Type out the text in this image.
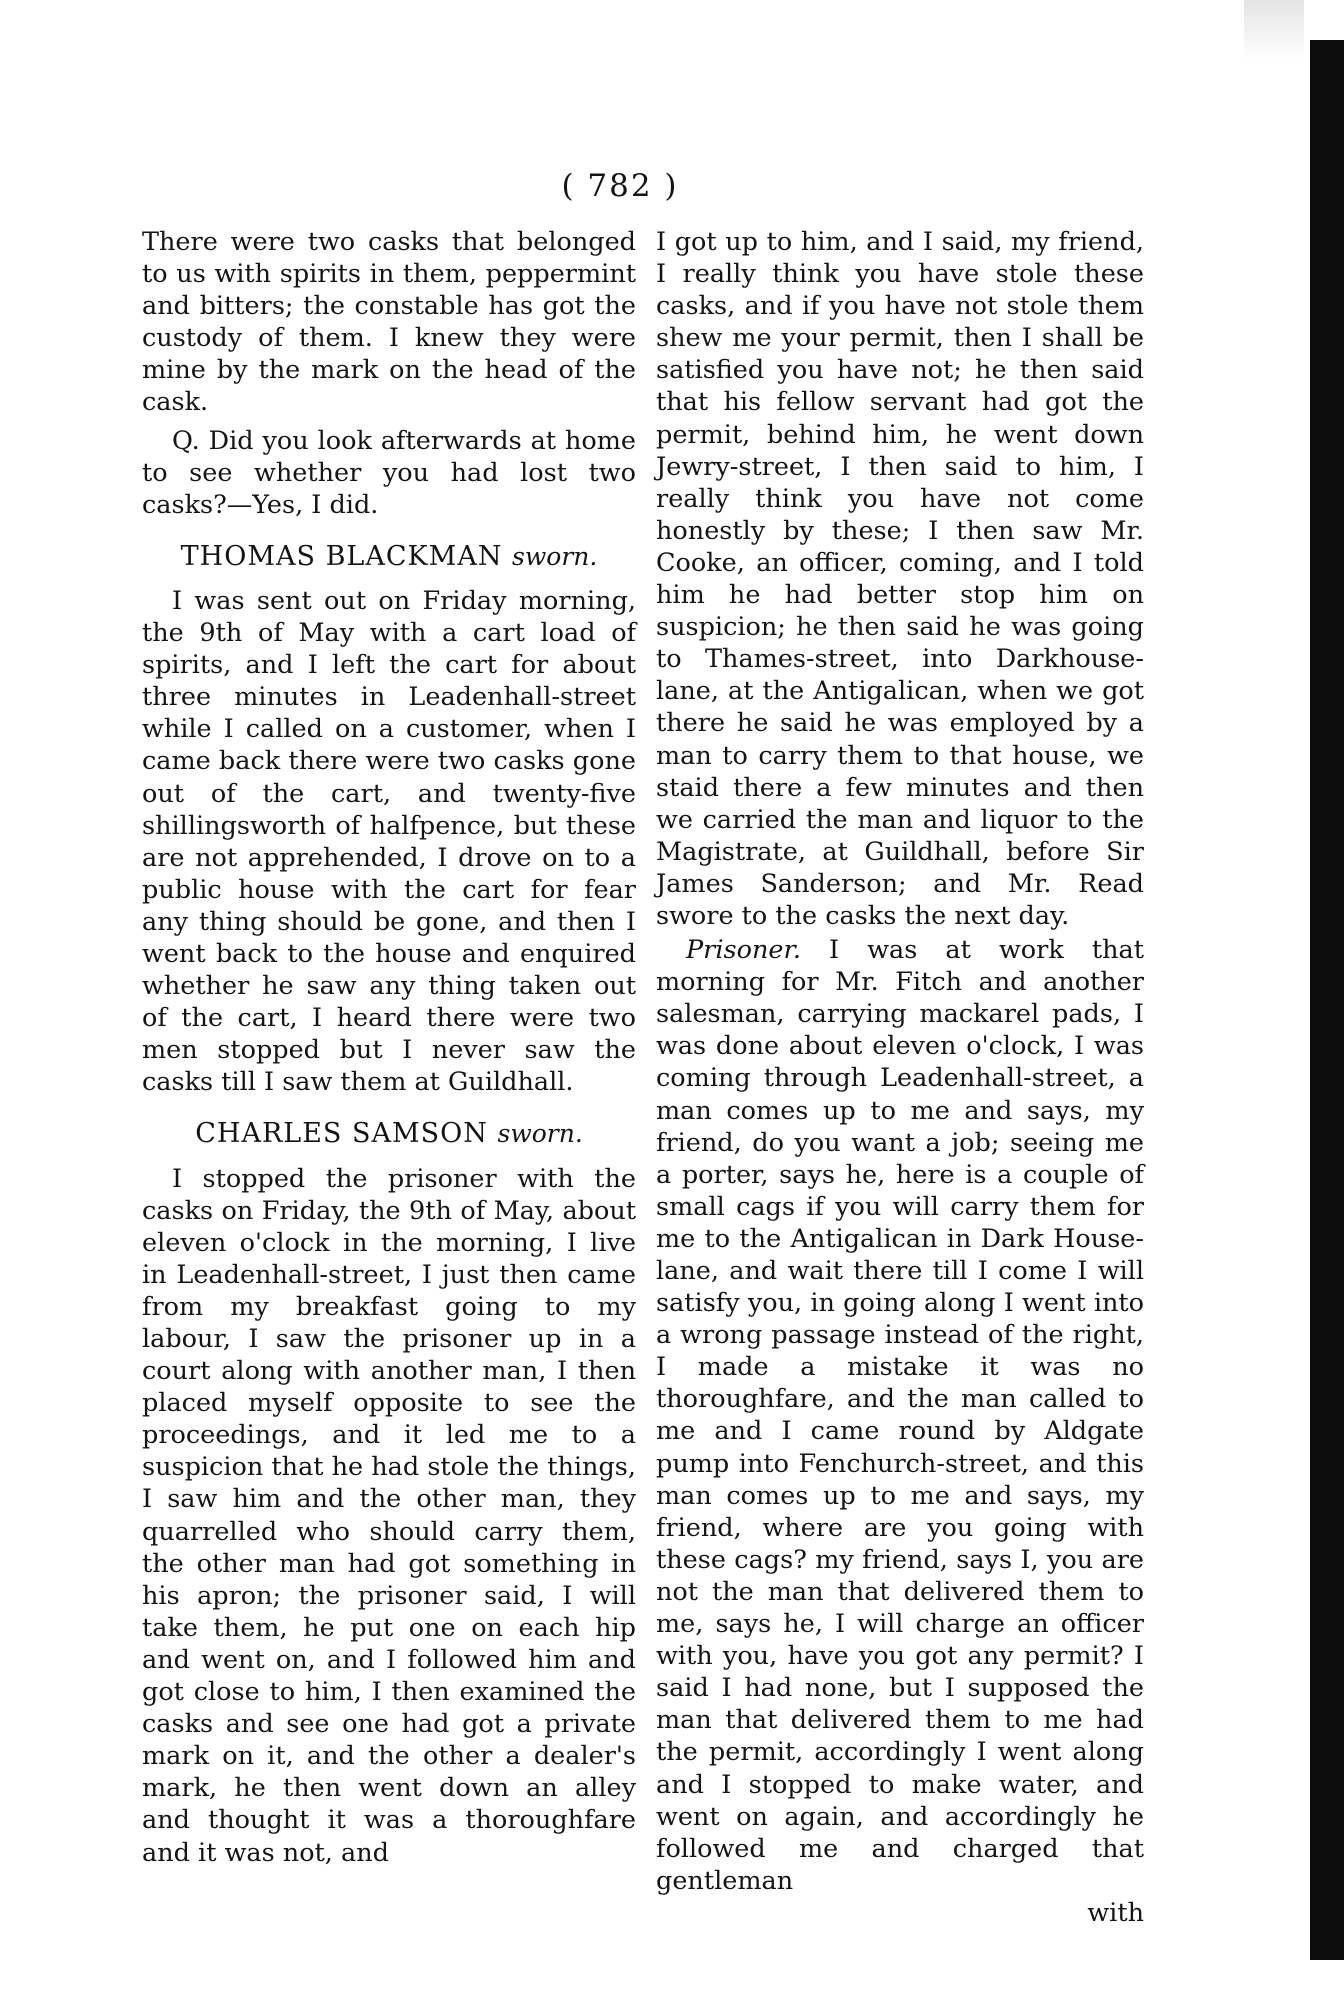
( 782 )

There were two casks that belonged to us with spirits in them, peppermint and bitters; the constable has got the custody of them. I knew they were mine by the mark on the head of the cask.

Q. Did you look afterwards at home to see whether you had lost two casks?—Yes, I did.

THOMAS BLACKMAN sworn.

I was sent out on Friday morning, the 9th of May with a cart load of spirits, and I left the cart for about three minutes in Leadenhall-street while I called on a customer, when I came back there were two casks gone out of the cart, and twenty-five shillingsworth of halfpence, but these are not apprehended, I drove on to a public house with the cart for fear any thing should be gone, and then I went back to the house and enquired whether he saw any thing taken out of the cart, I heard there were two men stopped but I never saw the casks till I saw them at Guildhall.

CHARLES SAMSON sworn.

I stopped the prisoner with the casks on Friday, the 9th of May, about eleven o'clock in the morning, I live in Leadenhall-street, I just then came from my breakfast going to my labour, I saw the prisoner up in a court along with another man, I then placed myself opposite to see the proceedings, and it led me to a suspicion that he had stole the things, I saw him and the other man, they quarrelled who should carry them, the other man had got something in his apron; the prisoner said, I will take them, he put one on each hip and went on, and I followed him and got close to him, I then examined the casks and see one had got a private mark on it, and the other a dealer's mark, he then went down an alley and thought it was a thoroughfare and it was not, and

I got up to him, and I said, my friend, I really think you have stole these casks, and if you have not stole them shew me your permit, then I shall be satisfied you have not; he then said that his fellow servant had got the permit, behind him, he went down Jewry-street, I then said to him, I really think you have not come honestly by these; I then saw Mr. Cooke, an officer, coming, and I told him he had better stop him on suspicion; he then said he was going to Thames-street, into Darkhouse-lane, at the Antigalican, when we got there he said he was employed by a man to carry them to that house, we staid there a few minutes and then we carried the man and liquor to the Magistrate, at Guildhall, before Sir James Sanderson; and Mr. Read swore to the casks the next day.

Prisoner. I was at work that morning for Mr. Fitch and another salesman, carrying mackarel pads, I was done about eleven o'clock, I was coming through Leadenhall-street, a man comes up to me and says, my friend, do you want a job; seeing me a porter, says he, here is a couple of small cags if you will carry them for me to the Antigalican in Dark House-lane, and wait there till I come I will satisfy you, in going along I went into a wrong passage instead of the right, I made a mistake it was no thoroughfare, and the man called to me and I came round by Aldgate pump into Fenchurch-street, and this man comes up to me and says, my friend, where are you going with these cags? my friend, says I, you are not the man that delivered them to me, says he, I will charge an officer with you, have you got any permit? I said I had none, but I supposed the man that delivered them to me had the permit, accordingly I went along and I stopped to make water, and went on again, and accordingly he followed me and charged that gentleman

with
